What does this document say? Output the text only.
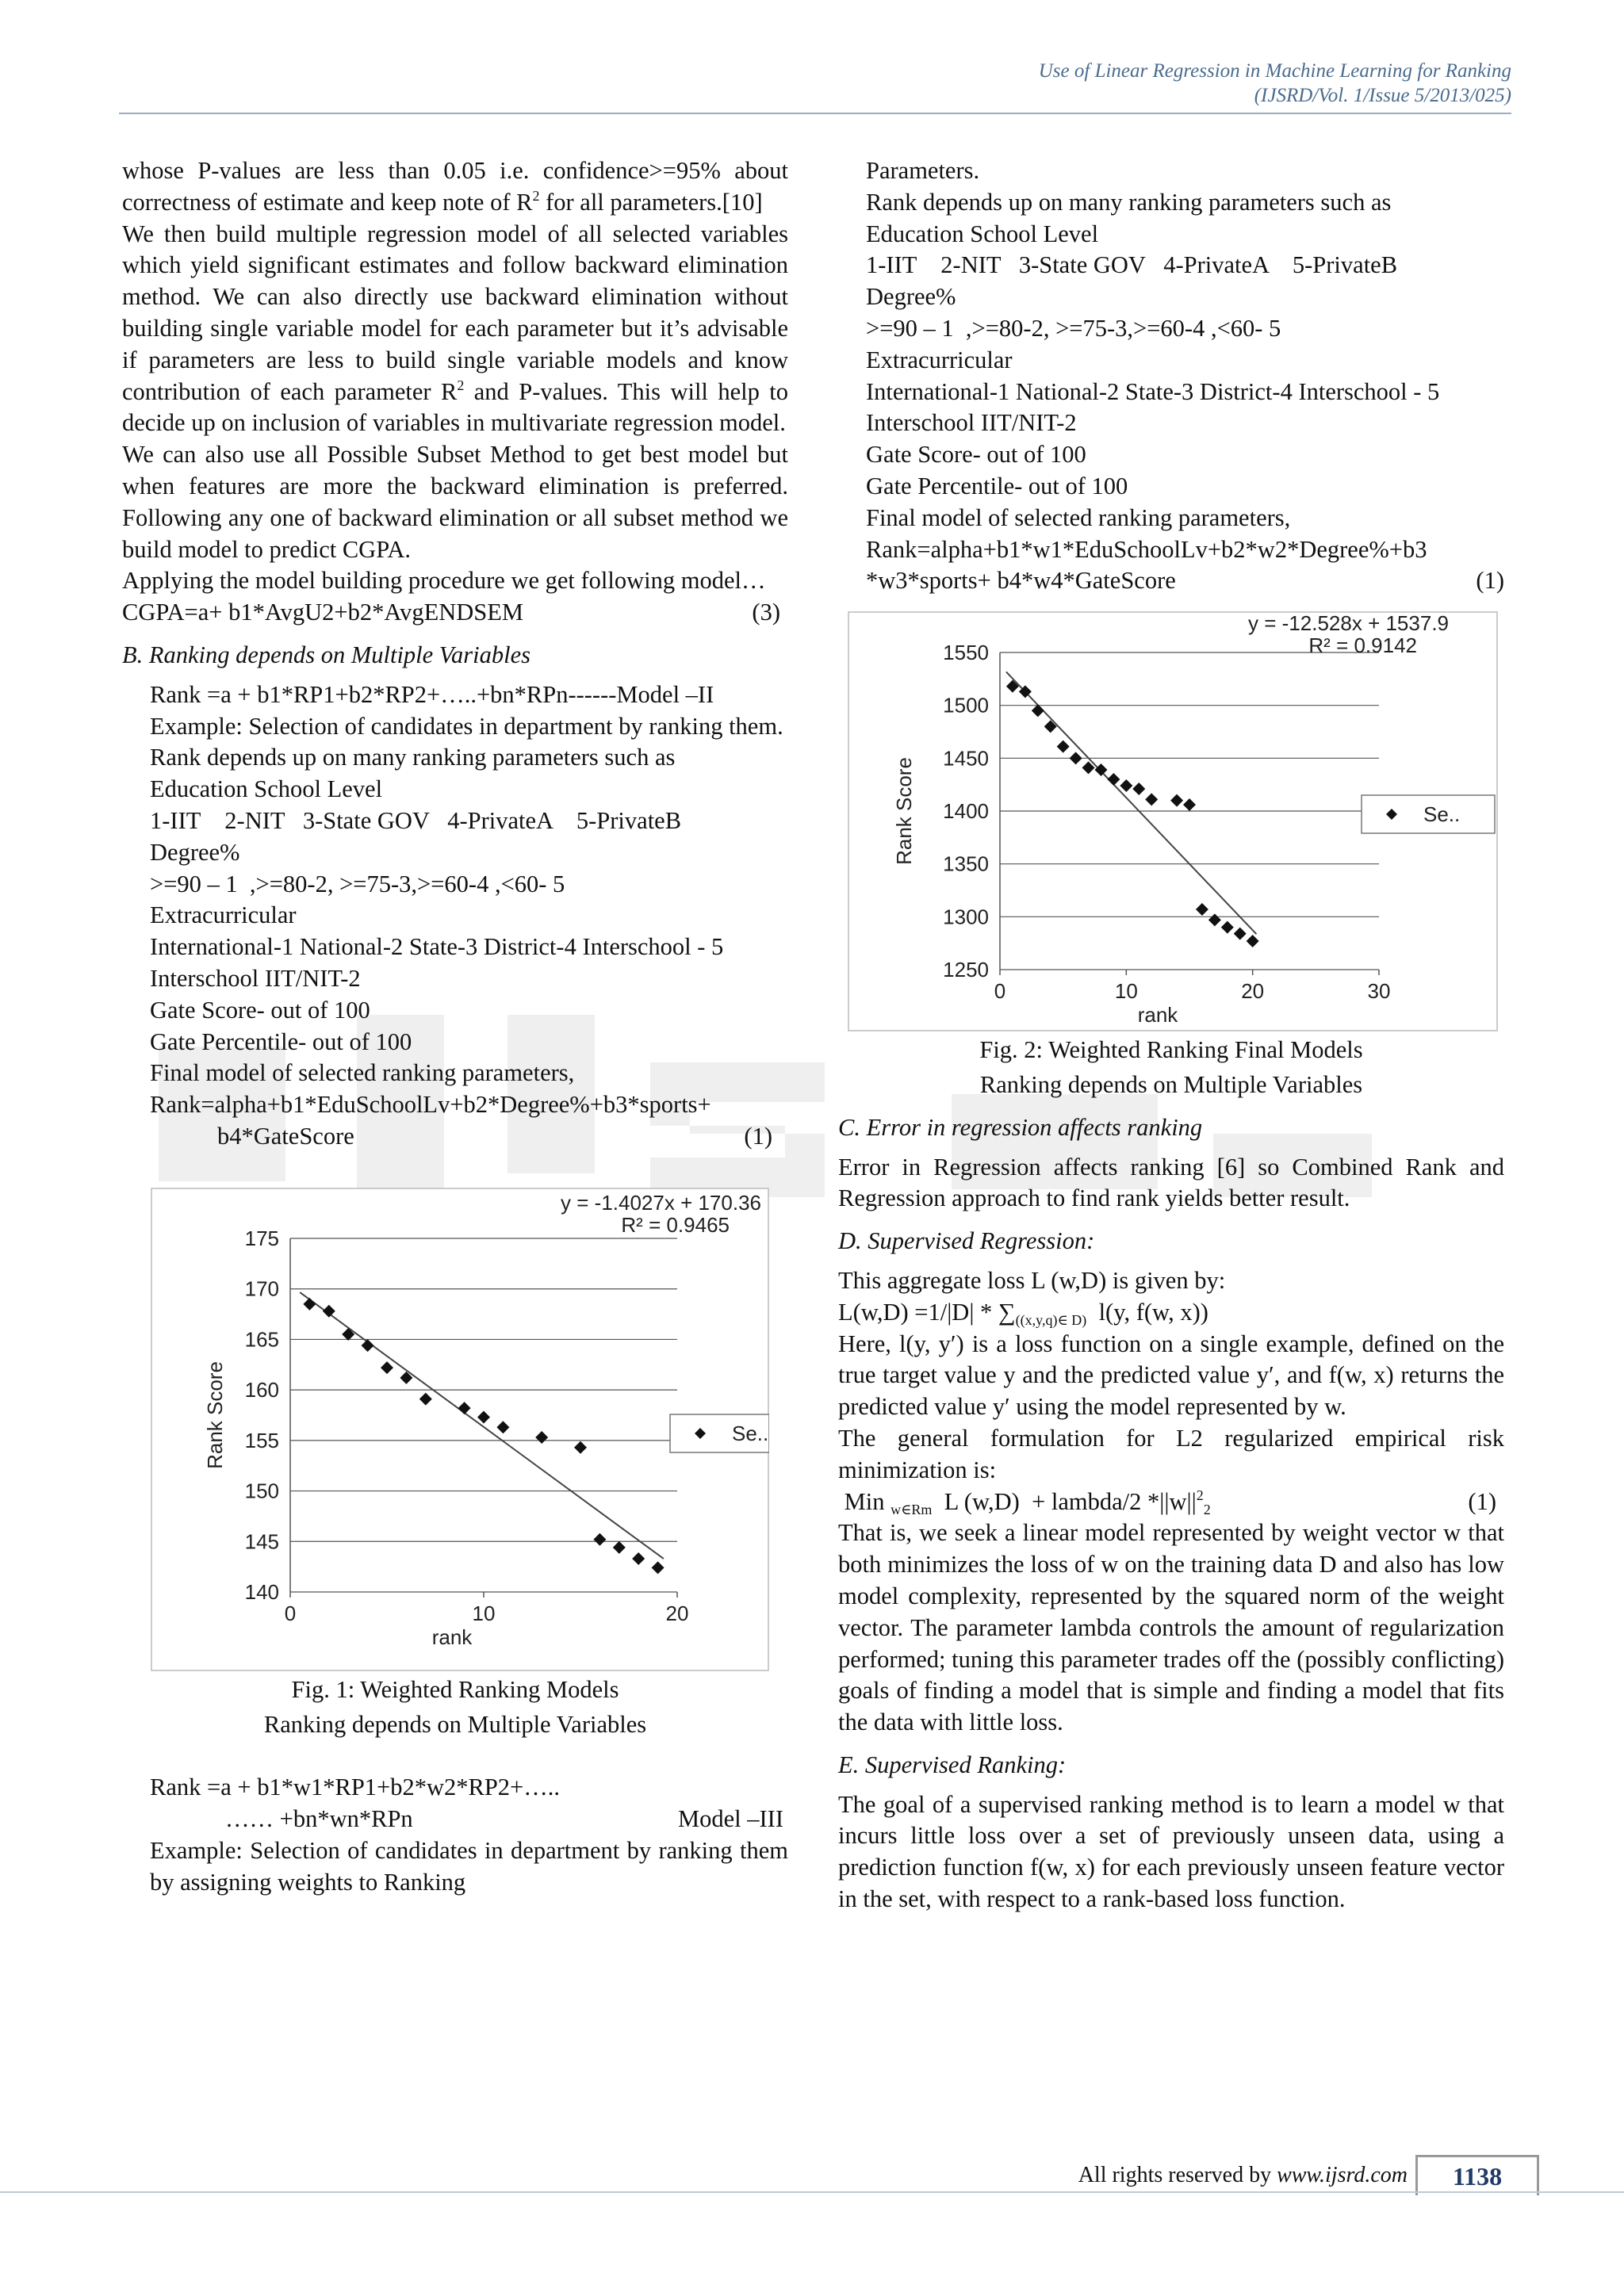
Use of Linear Regression in Machine Learning for Ranking
(IJSRD/Vol. 1/Issue 5/2013/025)

whose P-values are less than 0.05 i.e. confidence>=95% about correctness of estimate and keep note of $R^2$ for all parameters.[10]

We then build multiple regression model of all selected variables which yield significant estimates and follow backward elimination method. We can also directly use backward elimination without building single variable model for each parameter but it’s advisable if parameters are less to build single variable models and know contribution of each parameter $R^2$ and P-values. This will help to decide up on inclusion of variables in multivariate regression model.

We can also use all Possible Subset Method to get best model but when features are more the backward elimination is preferred. Following any one of backward elimination or all subset method we build model to predict CGPA.

Applying the model building procedure we get following model…

CGPA=a+ b1*AvgU2+b2*AvgENDSEM	(3)

B. Ranking depends on Multiple Variables

Rank =a + b1*RP1+b2*RP2+…..+bn*RPn------Model –II

Example: Selection of candidates in department by ranking them.

Rank depends up on many ranking parameters such as

Education School Level

1-IIT    2-NIT   3-State GOV   4-PrivateA    5-PrivateB

Degree%

>=90 – 1  ,>=80-2, >=75-3,>=60-4 ,<60- 5

Extracurricular

International-1 National-2 State-3 District-4 Interschool - 5

Interschool IIT/NIT-2

Gate Score- out of 100

Gate Percentile- out of 100

Final model of selected ranking parameters,

Rank=alpha+b1*EduSchoolLv+b2*Degree%+b3*sports+

b4*GateScore	(1)

140
145
150
155
160
165
170
175
0	10	20
rank
Rank Score
y = -1.4027x + 170.36
R² = 0.9465
Se..

Fig. 1: Weighted Ranking Models

Ranking depends on Multiple Variables

Rank =a + b1*w1*RP1+b2*w2*RP2+…..

…… +bn*wn*RPn	Model –III

Example: Selection of candidates in department by ranking them by assigning weights to Ranking

Parameters.

Rank depends up on many ranking parameters such as

Education School Level

1-IIT    2-NIT   3-State GOV   4-PrivateA    5-PrivateB

Degree%

>=90 – 1  ,>=80-2, >=75-3,>=60-4 ,<60- 5

Extracurricular

International-1 National-2 State-3 District-4 Interschool - 5

Interschool IIT/NIT-2

Gate Score- out of 100

Gate Percentile- out of 100

Final model of selected ranking parameters,

Rank=alpha+b1*w1*EduSchoolLv+b2*w2*Degree%+b3

*w3*sports+ b4*w4*GateScore	(1)

1250
1300
1350
1400
1450
1500
1550
0	10	20	30
rank
Rank Score
y = -12.528x + 1537.9
R² = 0.9142
Se..

Fig. 2: Weighted Ranking Final Models

Ranking depends on Multiple Variables

C. Error in regression affects ranking

Error in Regression affects ranking [6] so Combined Rank and Regression approach to find rank yields better result.

D. Supervised Regression:

This aggregate loss L (w,D) is given by:

$L(w,D) =1/|D| * \sum_{((x,y,q)\in D)}$  l(y, f(w, x))

Here, l(y, y′) is a loss function on a single example, defined on the true target value y and the predicted value y′, and f(w, x) returns the predicted value y′ using the model represented by w.

The general formulation for L2 regularized empirical risk minimization is:

Min $_{w\in Rm}$  L (w,D)  + lambda/2 $*||w||^2_2$	(1)

That is, we seek a linear model represented by weight vector w that both minimizes the loss of w on the training data D and also has low model complexity, represented by the squared norm of the weight vector. The parameter lambda controls the amount of regularization performed; tuning this parameter trades off the (possibly conflicting) goals of finding a model that is simple and finding a model that fits the data with little loss.

E. Supervised Ranking:

The goal of a supervised ranking method is to learn a model w that incurs little loss over a set of previously unseen data, using a prediction function f(w, x) for each previously unseen feature vector in the set, with respect to a rank-based loss function.

All rights reserved by www.ijsrd.com	1138
